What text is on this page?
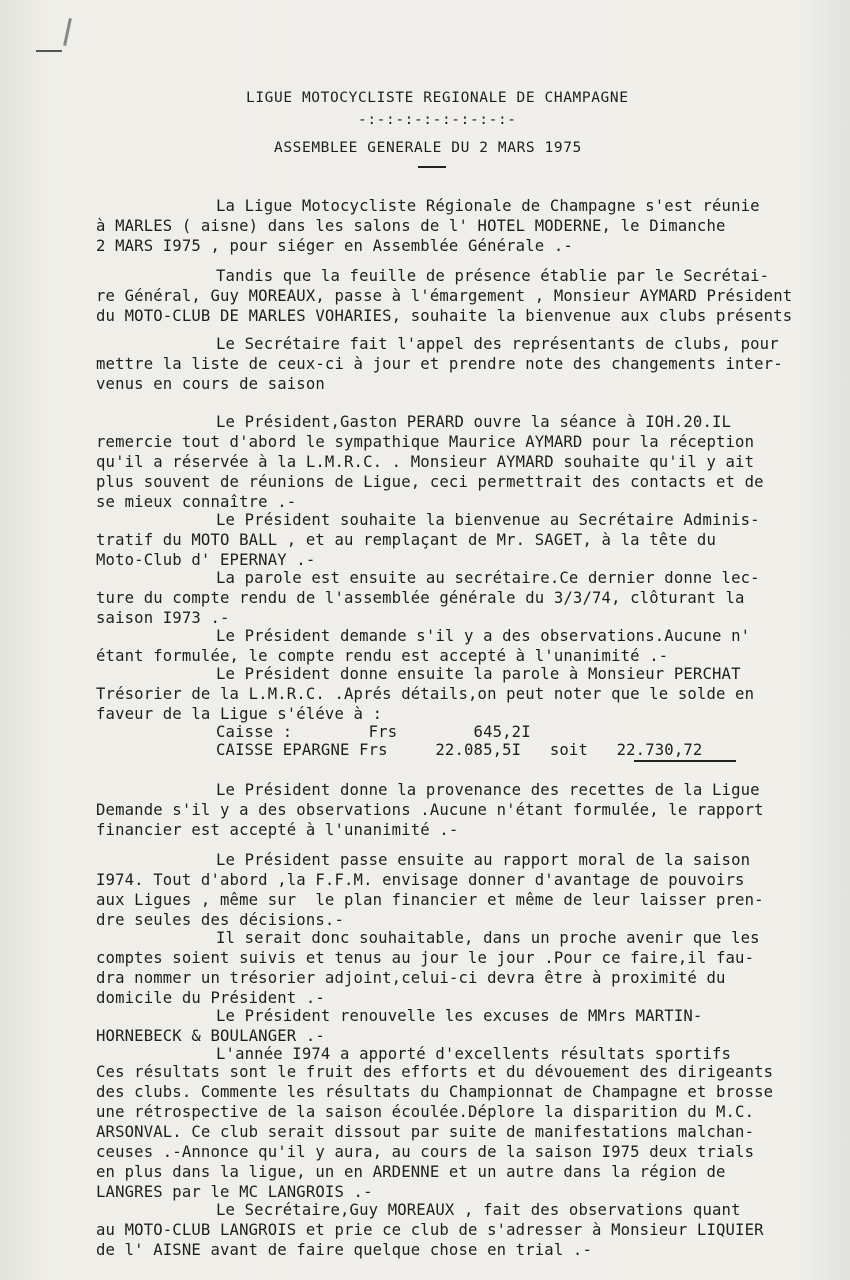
LIGUE MOTOCYCLISTE REGIONALE DE CHAMPAGNE
-:-:-:-:-:-:-:-:-
ASSEMBLEE GENERALE DU 2 MARS 1975
La Ligue Motocycliste Régionale de Champagne s'est réunie
à MARLES ( aisne) dans les salons de l' HOTEL MODERNE, le Dimanche
2 MARS I975 , pour siéger en Assemblée Générale .-
Tandis que la feuille de présence établie par le Secrétai-
re Général, Guy MOREAUX, passe à l'émargement , Monsieur AYMARD Président
du MOTO-CLUB DE MARLES VOHARIES, souhaite la bienvenue aux clubs présents
Le Secrétaire fait l'appel des représentants de clubs, pour
mettre la liste de ceux-ci à jour et prendre note des changements inter-
venus en cours de saison
Le Président,Gaston PERARD ouvre la séance à IOH.20.IL
remercie tout d'abord le sympathique Maurice AYMARD pour la réception
qu'il a réservée à la L.M.R.C. . Monsieur AYMARD souhaite qu'il y ait
plus souvent de réunions de Ligue, ceci permettrait des contacts et de
se mieux connaître .-
Le Président souhaite la bienvenue au Secrétaire Adminis-
tratif du MOTO BALL , et au remplaçant de Mr. SAGET, à la tête du
Moto-Club d' EPERNAY .-
La parole est ensuite au secrétaire.Ce dernier donne lec-
ture du compte rendu de l'assemblée générale du 3/3/74, clôturant la
saison I973 .-
Le Président demande s'il y a des observations.Aucune n'
étant formulée, le compte rendu est accepté à l'unanimité .-
Le Président donne ensuite la parole à Monsieur PERCHAT
Trésorier de la L.M.R.C. .Aprés détails,on peut noter que le solde en
faveur de la Ligue s'éléve à :
Caisse :        Frs        645,2I
CAISSE EPARGNE Frs     22.085,5I   soit   22.730,72
Le Président donne la provenance des recettes de la Ligue
Demande s'il y a des observations .Aucune n'étant formulée, le rapport
financier est accepté à l'unanimité .-
Le Président passe ensuite au rapport moral de la saison
I974. Tout d'abord ,la F.F.M. envisage donner d'avantage de pouvoirs
aux Ligues , même sur  le plan financier et même de leur laisser pren-
dre seules des décisions.-
Il serait donc souhaitable, dans un proche avenir que les
comptes soient suivis et tenus au jour le jour .Pour ce faire,il fau-
dra nommer un trésorier adjoint,celui-ci devra être à proximité du
domicile du Président .-
Le Président renouvelle les excuses de MMrs MARTIN-
HORNEBECK & BOULANGER .-
L'année I974 a apporté d'excellents résultats sportifs
Ces résultats sont le fruit des efforts et du dévouement des dirigeants
des clubs. Commente les résultats du Championnat de Champagne et brosse
une rétrospective de la saison écoulée.Déplore la disparition du M.C.
ARSONVAL. Ce club serait dissout par suite de manifestations malchan-
ceuses .-Annonce qu'il y aura, au cours de la saison I975 deux trials
en plus dans la ligue, un en ARDENNE et un autre dans la région de
LANGRES par le MC LANGROIS .-
Le Secrétaire,Guy MOREAUX , fait des observations quant
au MOTO-CLUB LANGROIS et prie ce club de s'adresser à Monsieur LIQUIER
de l' AISNE avant de faire quelque chose en trial .-
